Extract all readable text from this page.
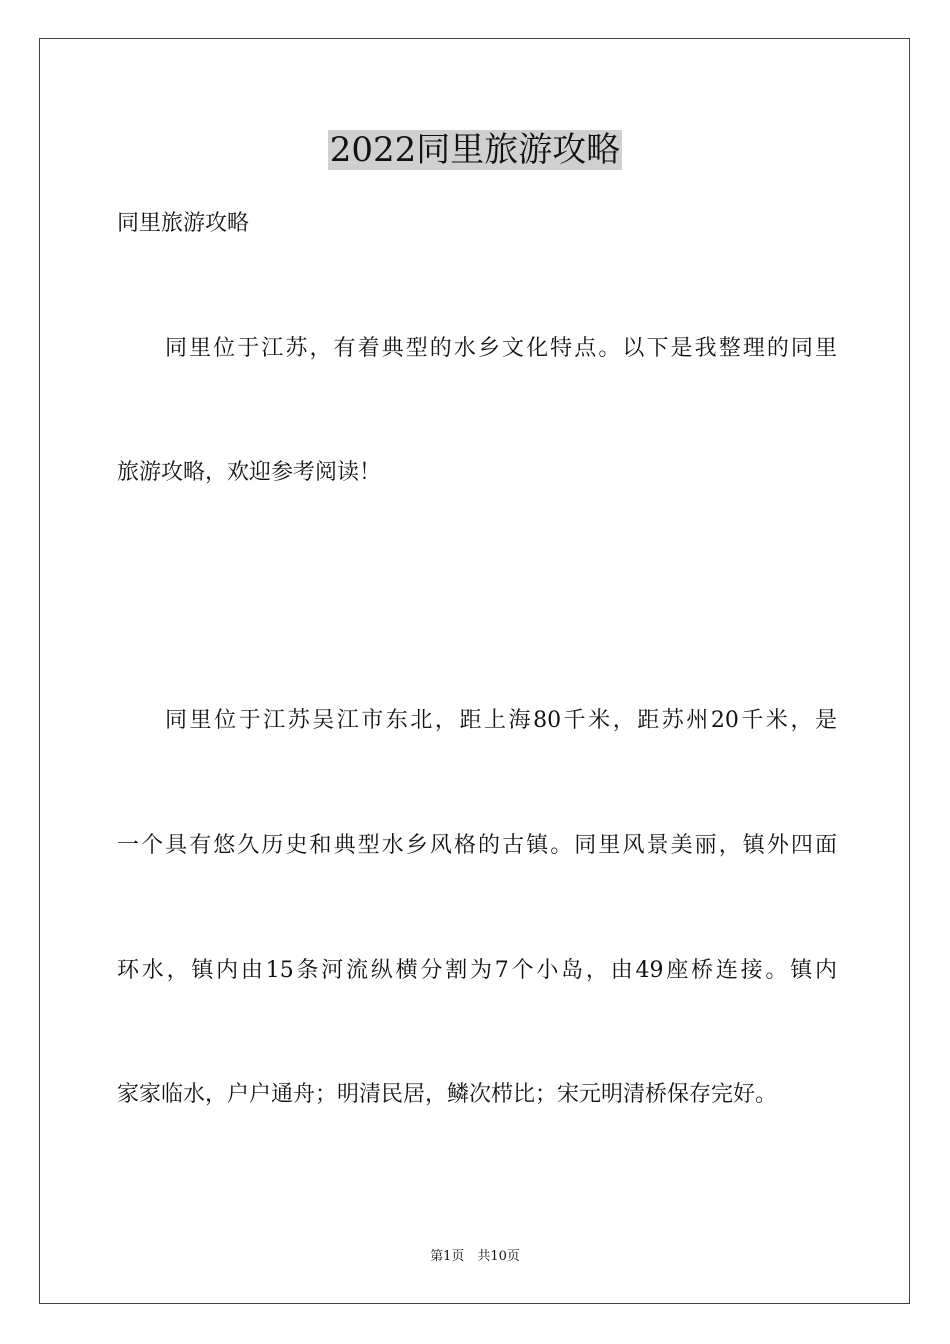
2022同里旅游攻略
同里旅游攻略
同里位于江苏，有着典型的水乡文化特点。以下是我整理的同里
旅游攻略，欢迎参考阅读！
同里位于江苏吴江市东北，距上海80千米，距苏州20千米，是
一个具有悠久历史和典型水乡风格的古镇。同里风景美丽，镇外四面
环水，镇内由15条河流纵横分割为7个小岛，由49座桥连接。镇内
家家临水，户户通舟；明清民居，鳞次栉比；宋元明清桥保存完好。
第1页　共10页
